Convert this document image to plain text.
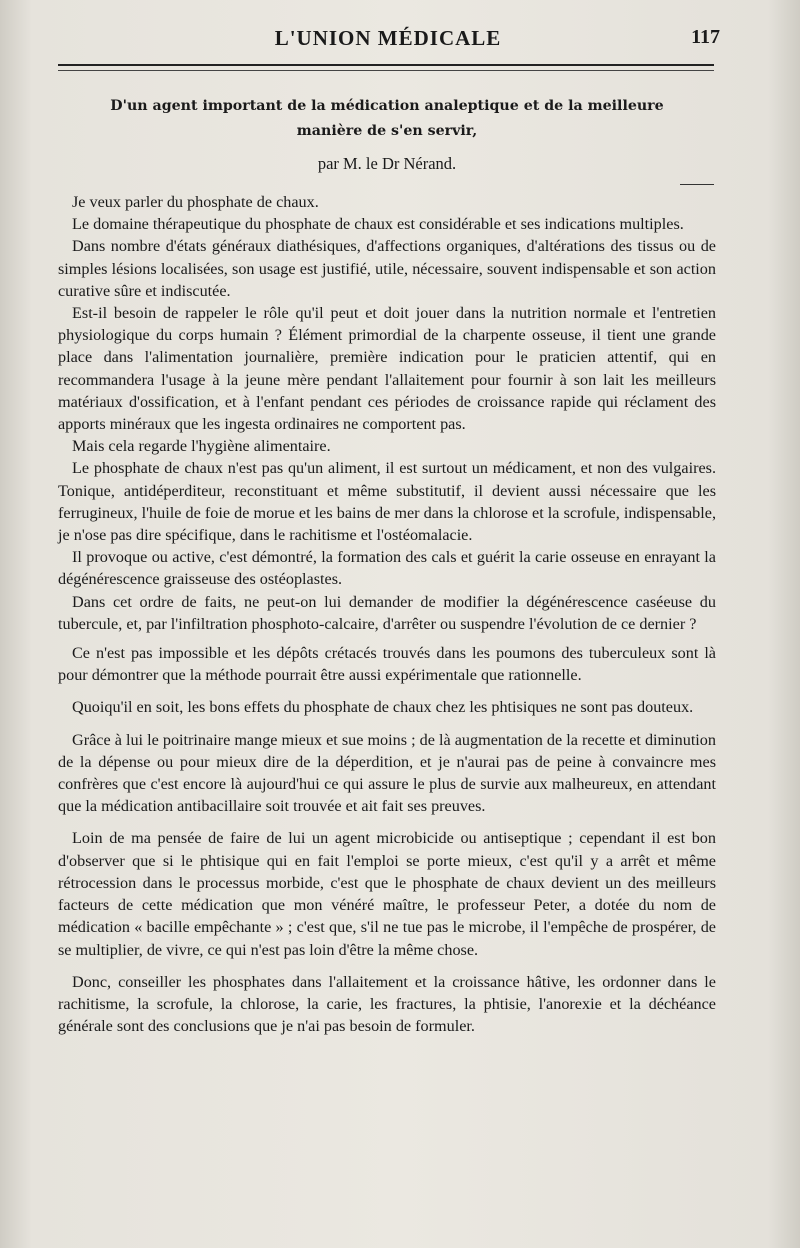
L'UNION MÉDICALE	117

D'un agent important de la médication analeptique et de la meilleure

manière de s'en servir,

par M. le Dr Nérand.

Je veux parler du phosphate de chaux.

Le domaine thérapeutique du phosphate de chaux est considérable et ses indications multiples.

Dans nombre d'états généraux diathésiques, d'affections organiques, d'altérations des tissus ou de simples lésions localisées, son usage est justifié, utile, nécessaire, souvent indispensable et son action curative sûre et indiscutée.

Est-il besoin de rappeler le rôle qu'il peut et doit jouer dans la nutrition normale et l'entretien physiologique du corps humain ? Élément primordial de la charpente osseuse, il tient une grande place dans l'alimentation journalière, première indication pour le praticien attentif, qui en recommandera l'usage à la jeune mère pendant l'allaitement pour fournir à son lait les meilleurs matériaux d'ossification, et à l'enfant pendant ces périodes de croissance rapide qui réclament des apports minéraux que les ingesta ordinaires ne comportent pas.

Mais cela regarde l'hygiène alimentaire.

Le phosphate de chaux n'est pas qu'un aliment, il est surtout un médicament, et non des vulgaires. Tonique, antidéperditeur, reconstituant et même substitutif, il devient aussi nécessaire que les ferrugineux, l'huile de foie de morue et les bains de mer dans la chlorose et la scrofule, indispensable, je n'ose pas dire spécifique, dans le rachitisme et l'ostéomalacie.

Il provoque ou active, c'est démontré, la formation des cals et guérit la carie osseuse en enrayant la dégénérescence graisseuse des ostéoplastes.

Dans cet ordre de faits, ne peut-on lui demander de modifier la dégénérescence caséeuse du tubercule, et, par l'infiltration phosphoto-calcaire, d'arrêter ou suspendre l'évolution de ce dernier ?

Ce n'est pas impossible et les dépôts crétacés trouvés dans les poumons des tuberculeux sont là pour démontrer que la méthode pourrait être aussi expérimentale que rationnelle.

Quoiqu'il en soit, les bons effets du phosphate de chaux chez les phtisiques ne sont pas douteux.

Grâce à lui le poitrinaire mange mieux et sue moins ; de là augmentation de la recette et diminution de la dépense ou pour mieux dire de la déperdition, et je n'aurai pas de peine à convaincre mes confrères que c'est encore là aujourd'hui ce qui assure le plus de survie aux malheureux, en attendant que la médication antibacillaire soit trouvée et ait fait ses preuves.

Loin de ma pensée de faire de lui un agent microbicide ou antiseptique ; cependant il est bon d'observer que si le phtisique qui en fait l'emploi se porte mieux, c'est qu'il y a arrêt et même rétrocession dans le processus morbide, c'est que le phosphate de chaux devient un des meilleurs facteurs de cette médication que mon vénéré maître, le professeur Peter, a dotée du nom de médication « bacille empêchante » ; c'est que, s'il ne tue pas le microbe, il l'empêche de prospérer, de se multiplier, de vivre, ce qui n'est pas loin d'être la même chose.

Donc, conseiller les phosphates dans l'allaitement et la croissance hâtive, les ordonner dans le rachitisme, la scrofule, la chlorose, la carie, les fractures, la phtisie, l'anorexie et la déchéance générale sont des conclusions que je n'ai pas besoin de formuler.
